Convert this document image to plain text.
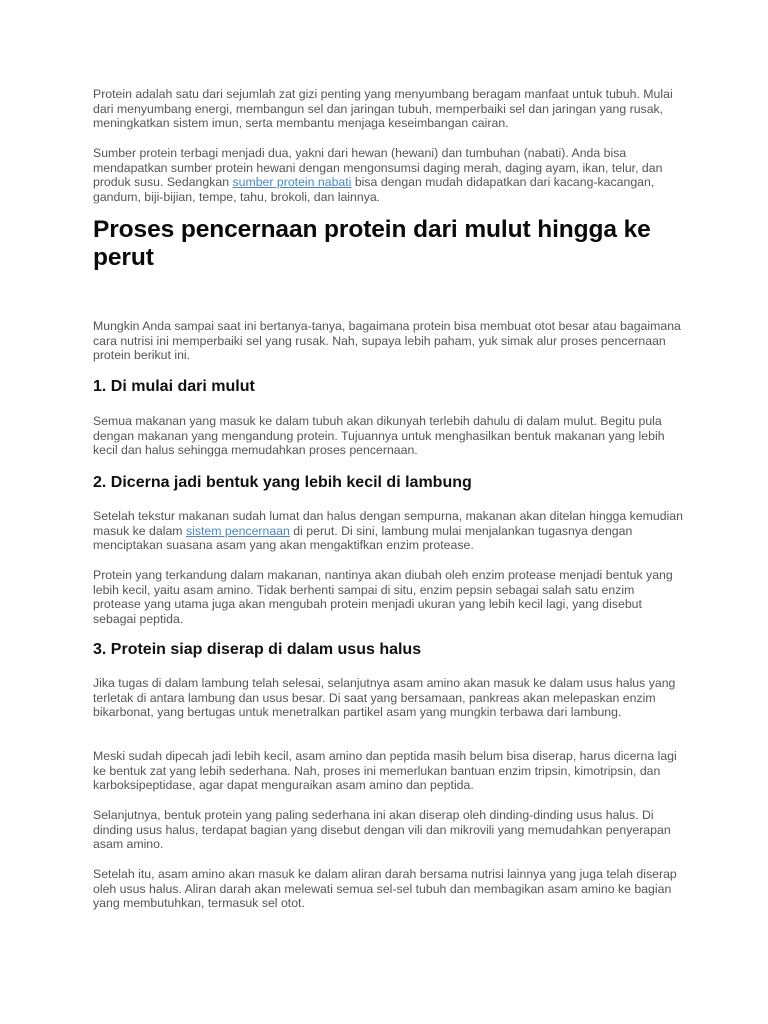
Protein adalah satu dari sejumlah zat gizi penting yang menyumbang beragam manfaat untuk tubuh. Mulai dari menyumbang energi, membangun sel dan jaringan tubuh, memperbaiki sel dan jaringan yang rusak, meningkatkan sistem imun, serta membantu menjaga keseimbangan cairan.

Sumber protein terbagi menjadi dua, yakni dari hewan (hewani) dan tumbuhan (nabati). Anda bisa mendapatkan sumber protein hewani dengan mengonsumsi daging merah, daging ayam, ikan, telur, dan produk susu. Sedangkan sumber protein nabati bisa dengan mudah didapatkan dari kacang-kacangan, gandum, biji-bijian, tempe, tahu, brokoli, dan lainnya.

Proses pencernaan protein dari mulut hingga ke perut

Mungkin Anda sampai saat ini bertanya-tanya, bagaimana protein bisa membuat otot besar atau bagaimana cara nutrisi ini memperbaiki sel yang rusak. Nah, supaya lebih paham, yuk simak alur proses pencernaan protein berikut ini.

1. Di mulai dari mulut

Semua makanan yang masuk ke dalam tubuh akan dikunyah terlebih dahulu di dalam mulut. Begitu pula dengan makanan yang mengandung protein. Tujuannya untuk menghasilkan bentuk makanan yang lebih kecil dan halus sehingga memudahkan proses pencernaan.

2. Dicerna jadi bentuk yang lebih kecil di lambung

Setelah tekstur makanan sudah lumat dan halus dengan sempurna, makanan akan ditelan hingga kemudian masuk ke dalam sistem pencernaan di perut. Di sini, lambung mulai menjalankan tugasnya dengan menciptakan suasana asam yang akan mengaktifkan enzim protease.

Protein yang terkandung dalam makanan, nantinya akan diubah oleh enzim protease menjadi bentuk yang lebih kecil, yaitu asam amino. Tidak berhenti sampai di situ, enzim pepsin sebagai salah satu enzim protease yang utama juga akan mengubah protein menjadi ukuran yang lebih kecil lagi, yang disebut sebagai peptida.

3. Protein siap diserap di dalam usus halus

Jika tugas di dalam lambung telah selesai, selanjutnya asam amino akan masuk ke dalam usus halus yang terletak di antara lambung dan usus besar. Di saat yang bersamaan, pankreas akan melepaskan enzim bikarbonat, yang bertugas untuk menetralkan partikel asam yang mungkin terbawa dari lambung.

Meski sudah dipecah jadi lebih kecil, asam amino dan peptida masih belum bisa diserap, harus dicerna lagi ke bentuk zat yang lebih sederhana. Nah, proses ini memerlukan bantuan enzim tripsin, kimotripsin, dan karboksipeptidase, agar dapat menguraikan asam amino dan peptida.

Selanjutnya, bentuk protein yang paling sederhana ini akan diserap oleh dinding-dinding usus halus. Di dinding usus halus, terdapat bagian yang disebut dengan vili dan mikrovili yang memudahkan penyerapan asam amino.

Setelah itu, asam amino akan masuk ke dalam aliran darah bersama nutrisi lainnya yang juga telah diserap oleh usus halus. Aliran darah akan melewati semua sel-sel tubuh dan membagikan asam amino ke bagian yang membutuhkan, termasuk sel otot.
